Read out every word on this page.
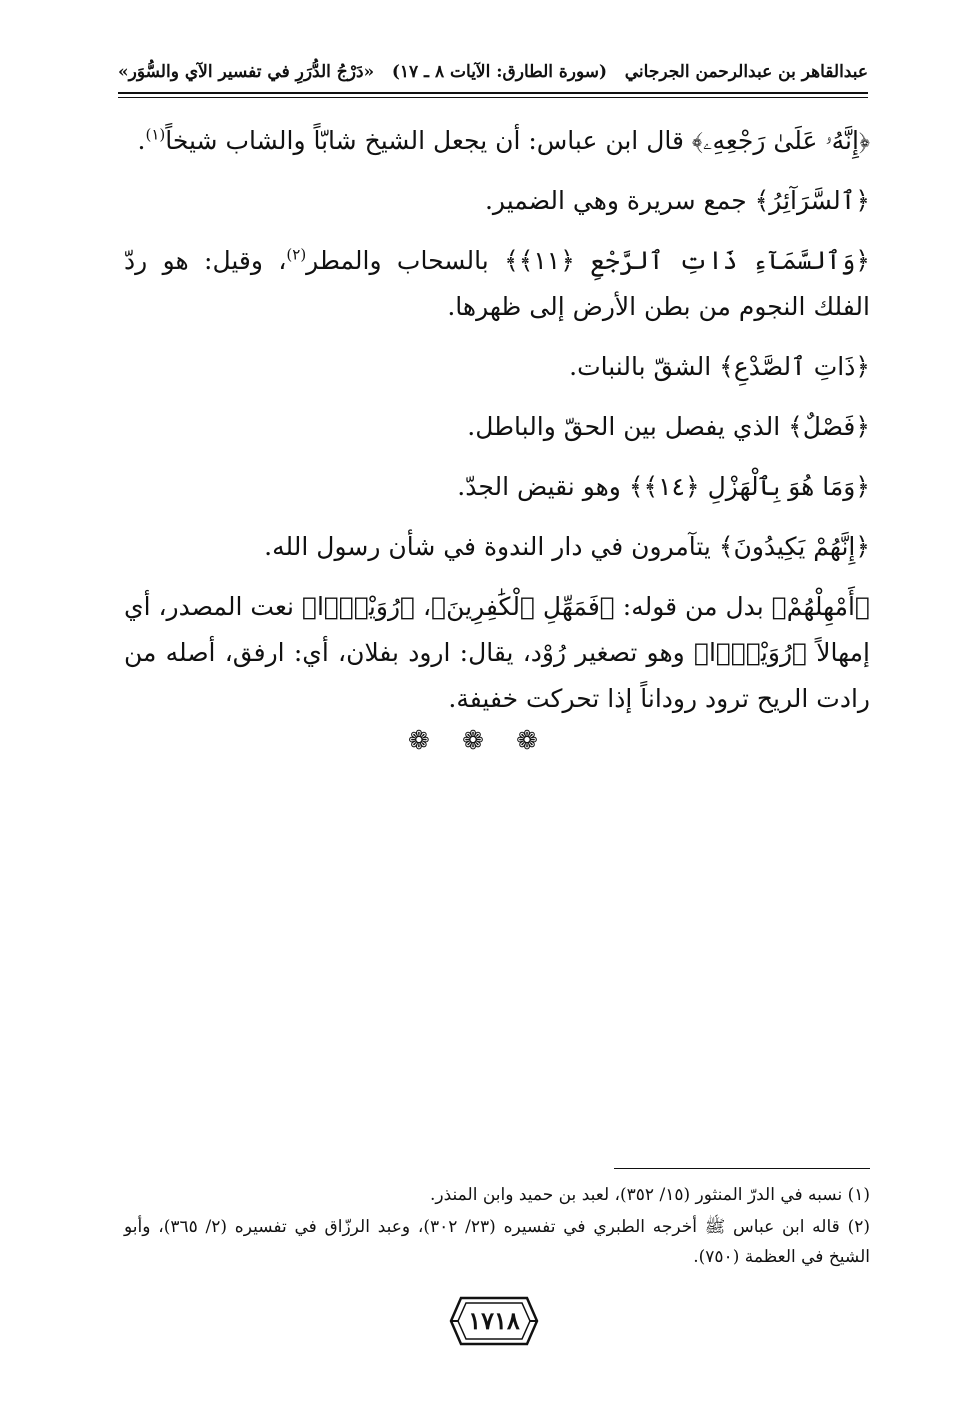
عبدالقاهر بن عبدالرحمن الجرجاني
(سورة الطارق: الآيات ٨ ـ ١٧)
«دَرْجُ الدُّرَرِ في تفسير الآي والسُّوَر»

﴿إِنَّهُۥ عَلَىٰ رَجْعِهِۦ﴾ قال ابن عباس: أن يجعل الشيخ شابّاً والشاب شيخاً$^{(١)}$.

﴿ٱلسَّرَآئِرُ﴾ جمع سريرة وهي الضمير.

﴿وَٱلسَّمَآءِ ذَاتِ ٱلرَّجْعِ ﴿١١﴾﴾ بالسحاب والمطر$^{(٢)}$، وقيل: هو ردّ الفلك النجوم من بطن الأرض إلى ظهرها.

﴿ذَاتِ ٱلصَّدْعِ﴾ الشقّ بالنبات.

﴿فَصْلٌ﴾ الذي يفصل بين الحقّ والباطل.

﴿وَمَا هُوَ بِٱلْهَزْلِ ﴿١٤﴾﴾ وهو نقيض الجدّ.

﴿إِنَّهُمْ يَكِيدُونَ﴾ يتآمرون في دار الندوة في شأن رسول الله.

﴿أَمْهِلْهُمْ﴾ بدل من قوله: ﴿فَمَهِّلِ ٱلْكَٰفِرِينَ﴾، ﴿رُوَيْدًۢا﴾ نعت المصدر، أي إمهالاً ﴿رُوَيْدًۢا﴾ وهو تصغير رُوْد، يقال: ارود بفلان، أي: ارفق، أصله من رادت الريح ترود روداناً إذا تحركت خفيفة.

❁ ❁ ❁

(١) نسبه في الدرّ المنثور (١٥/ ٣٥٢)، لعبد بن حميد وابن المنذر.

(٢) قاله ابن عباس ﷺ أخرجه الطبري في تفسيره (٢٣/ ٣٠٢)، وعبد الرزّاق في تفسيره (٢/ ٣٦٥)، وأبو الشيخ في العظمة (٧٥٠).

١٧١٨
